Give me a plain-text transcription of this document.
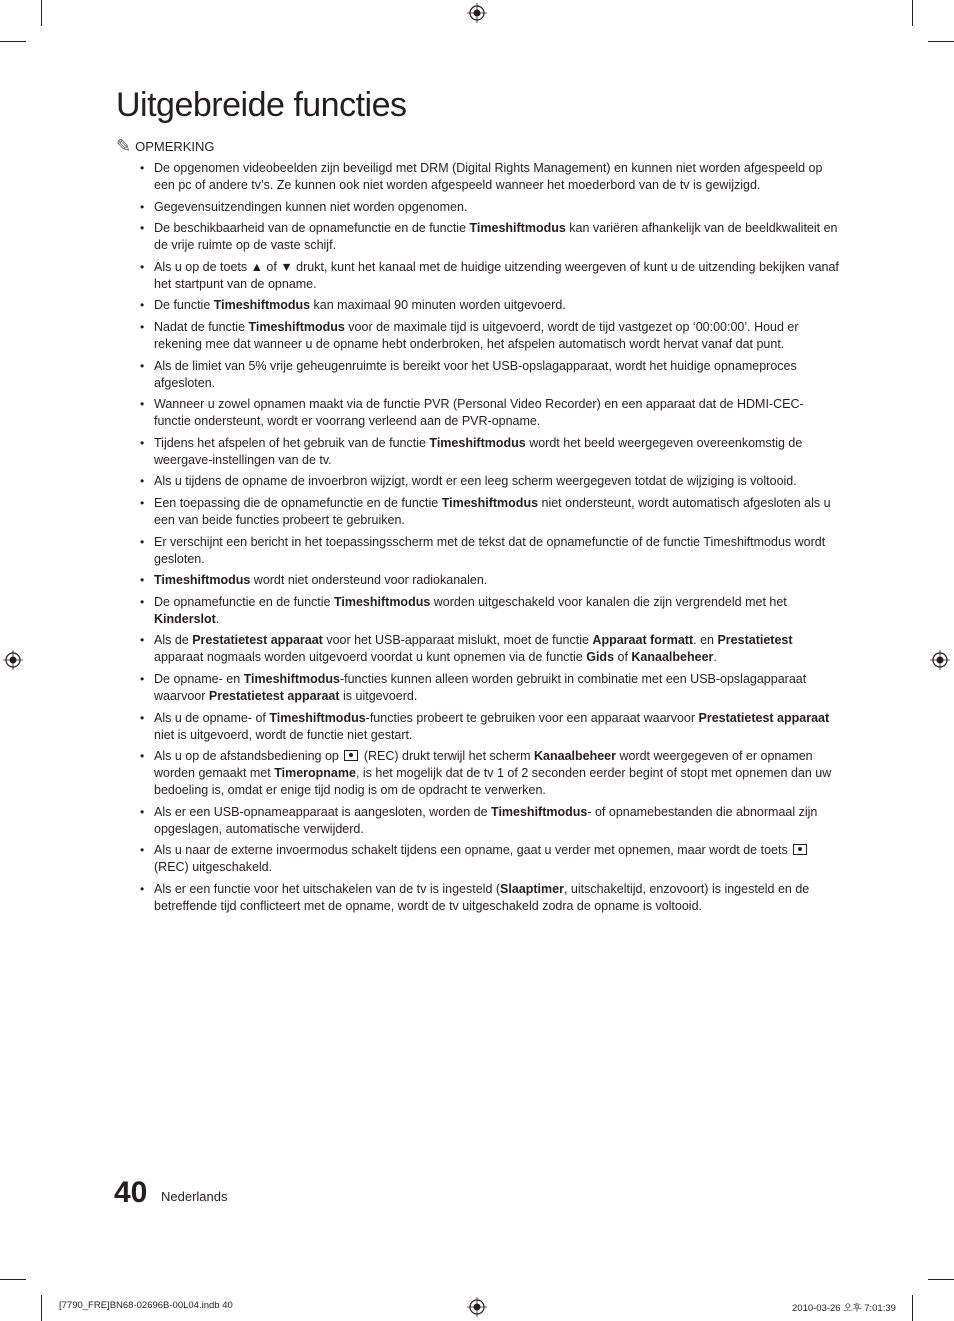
Uitgebreide functies
✎ OPMERKING
• De opgenomen videobeelden zijn beveiligd met DRM (Digital Rights Management) en kunnen niet worden afgespeeld op een pc of andere tv’s. Ze kunnen ook niet worden afgespeeld wanneer het moederbord van de tv is gewijzigd.
• Gegevensuitzendingen kunnen niet worden opgenomen.
• De beschikbaarheid van de opnamefunctie en de functie Timeshiftmodus kan variëren afhankelijk van de beeldkwaliteit en de vrije ruimte op de vaste schijf.
• Als u op de toets ▲ of ▼ drukt, kunt het kanaal met de huidige uitzending weergeven of kunt u de uitzending bekijken vanaf het startpunt van de opname.
• De functie Timeshiftmodus kan maximaal 90 minuten worden uitgevoerd.
• Nadat de functie Timeshiftmodus voor de maximale tijd is uitgevoerd, wordt de tijd vastgezet op ‘00:00:00’. Houd er rekening mee dat wanneer u de opname hebt onderbroken, het afspelen automatisch wordt hervat vanaf dat punt.
• Als de limiet van 5% vrije geheugenruimte is bereikt voor het USB-opslagapparaat, wordt het huidige opnameproces afgesloten.
• Wanneer u zowel opnamen maakt via de functie PVR (Personal Video Recorder) en een apparaat dat de HDMI-CEC-functie ondersteunt, wordt er voorrang verleend aan de PVR-opname.
• Tijdens het afspelen of het gebruik van de functie Timeshiftmodus wordt het beeld weergegeven overeenkomstig de weergave-instellingen van de tv.
• Als u tijdens de opname de invoerbron wijzigt, wordt er een leeg scherm weergegeven totdat de wijziging is voltooid.
• Een toepassing die de opnamefunctie en de functie Timeshiftmodus niet ondersteunt, wordt automatisch afgesloten als u een van beide functies probeert te gebruiken.
• Er verschijnt een bericht in het toepassingsscherm met de tekst dat de opnamefunctie of de functie Timeshiftmodus wordt gesloten.
• Timeshiftmodus wordt niet ondersteund voor radiokanalen.
• De opnamefunctie en de functie Timeshiftmodus worden uitgeschakeld voor kanalen die zijn vergrendeld met het Kinderslot.
• Als de Prestatietest apparaat voor het USB-apparaat mislukt, moet de functie Apparaat formatt. en Prestatietest apparaat nogmaals worden uitgevoerd voordat u kunt opnemen via de functie Gids of Kanaalbeheer.
• De opname- en Timeshiftmodus-functies kunnen alleen worden gebruikt in combinatie met een USB-opslagapparaat waarvoor Prestatietest apparaat is uitgevoerd.
• Als u de opname- of Timeshiftmodus-functies probeert te gebruiken voor een apparaat waarvoor Prestatietest apparaat niet is uitgevoerd, wordt de functie niet gestart.
• Als u op de afstandsbediening op  (REC) drukt terwijl het scherm Kanaalbeheer wordt weergegeven of er opnamen worden gemaakt met Timeropname, is het mogelijk dat de tv 1 of 2 seconden eerder begint of stopt met opnemen dan uw bedoeling is, omdat er enige tijd nodig is om de opdracht te verwerken.
• Als er een USB-opnameapparaat is aangesloten, worden de Timeshiftmodus- of opnamebestanden die abnormaal zijn opgeslagen, automatische verwijderd.
• Als u naar de externe invoermodus schakelt tijdens een opname, gaat u verder met opnemen, maar wordt de toets  (REC) uitgeschakeld.
• Als er een functie voor het uitschakelen van de tv is ingesteld (Slaaptimer, uitschakeltijd, enzovoort) is ingesteld en de betreffende tijd conflicteert met de opname, wordt de tv uitgeschakeld zodra de opname is voltooid.
40 Nederlands
[7790_FRE]BN68-02696B-00L04.indb 40	2010-03-26 오후 7:01:39
